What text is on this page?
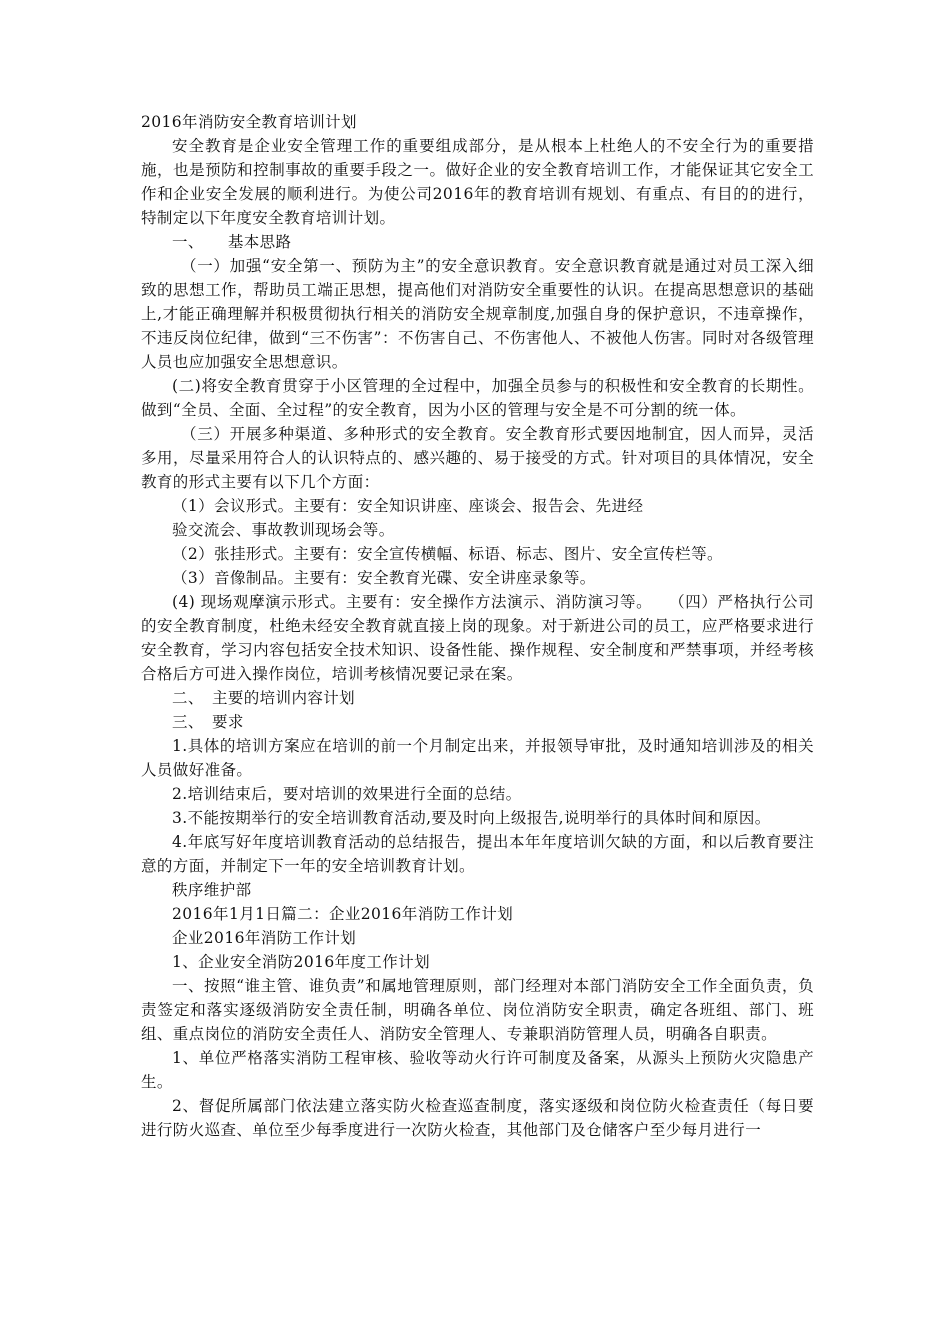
2016年消防安全教育培训计划

安全教育是企业安全管理工作的重要组成部分，是从根本上杜绝人的不安全行为的重要措施，也是预防和控制事故的重要手段之一。做好企业的安全教育培训工作，才能保证其它安全工作和企业安全发展的顺利进行。为使公司2016年的教育培训有规划、有重点、有目的的进行，特制定以下年度安全教育培训计划。

一、　　基本思路

（一）加强“安全第一、预防为主”的安全意识教育。安全意识教育就是通过对员工深入细致的思想工作，帮助员工端正思想，提高他们对消防安全重要性的认识。在提高思想意识的基础上,才能正确理解并积极贯彻执行相关的消防安全规章制度,加强自身的保护意识，不违章操作，不违反岗位纪律，做到“三不伤害”：不伤害自己、不伤害他人、不被他人伤害。同时对各级管理人员也应加强安全思想意识。

(二)将安全教育贯穿于小区管理的全过程中，加强全员参与的积极性和安全教育的长期性。做到“全员、全面、全过程”的安全教育，因为小区的管理与安全是不可分割的统一体。

（三）开展多种渠道、多种形式的安全教育。安全教育形式要因地制宜，因人而异，灵活多用，尽量采用符合人的认识特点的、感兴趣的、易于接受的方式。针对项目的具体情况，安全教育的形式主要有以下几个方面：

（1）会议形式。主要有：安全知识讲座、座谈会、报告会、先进经

验交流会、事故教训现场会等。

（2）张挂形式。主要有：安全宣传横幅、标语、标志、图片、安全宣传栏等。

（3）音像制品。主要有：安全教育光碟、安全讲座录象等。

(4) 现场观摩演示形式。主要有：安全操作方法演示、消防演习等。　　（四）严格执行公司的安全教育制度，杜绝未经安全教育就直接上岗的现象。对于新进公司的员工，应严格要求进行安全教育，学习内容包括安全技术知识、设备性能、操作规程、安全制度和严禁事项，并经考核合格后方可进入操作岗位，培训考核情况要记录在案。

二、　主要的培训内容计划

三、　要求

1.具体的培训方案应在培训的前一个月制定出来，并报领导审批，及时通知培训涉及的相关人员做好准备。

2.培训结束后，要对培训的效果进行全面的总结。

3.不能按期举行的安全培训教育活动,要及时向上级报告,说明举行的具体时间和原因。

4.年底写好年度培训教育活动的总结报告，提出本年年度培训欠缺的方面，和以后教育要注意的方面，并制定下一年的安全培训教育计划。

秩序维护部

2016年1月1日篇二：企业2016年消防工作计划

企业2016年消防工作计划

1、企业安全消防2016年度工作计划

一、按照“谁主管、谁负责”和属地管理原则，部门经理对本部门消防安全工作全面负责，负责签定和落实逐级消防安全责任制，明确各单位、岗位消防安全职责，确定各班组、部门、班组、重点岗位的消防安全责任人、消防安全管理人、专兼职消防管理人员，明确各自职责。

1、单位严格落实消防工程审核、验收等动火行许可制度及备案，从源头上预防火灾隐患产生。

2、督促所属部门依法建立落实防火检查巡查制度，落实逐级和岗位防火检查责任（每日要进行防火巡查、单位至少每季度进行一次防火检查，其他部门及仓储客户至少每月进行一
